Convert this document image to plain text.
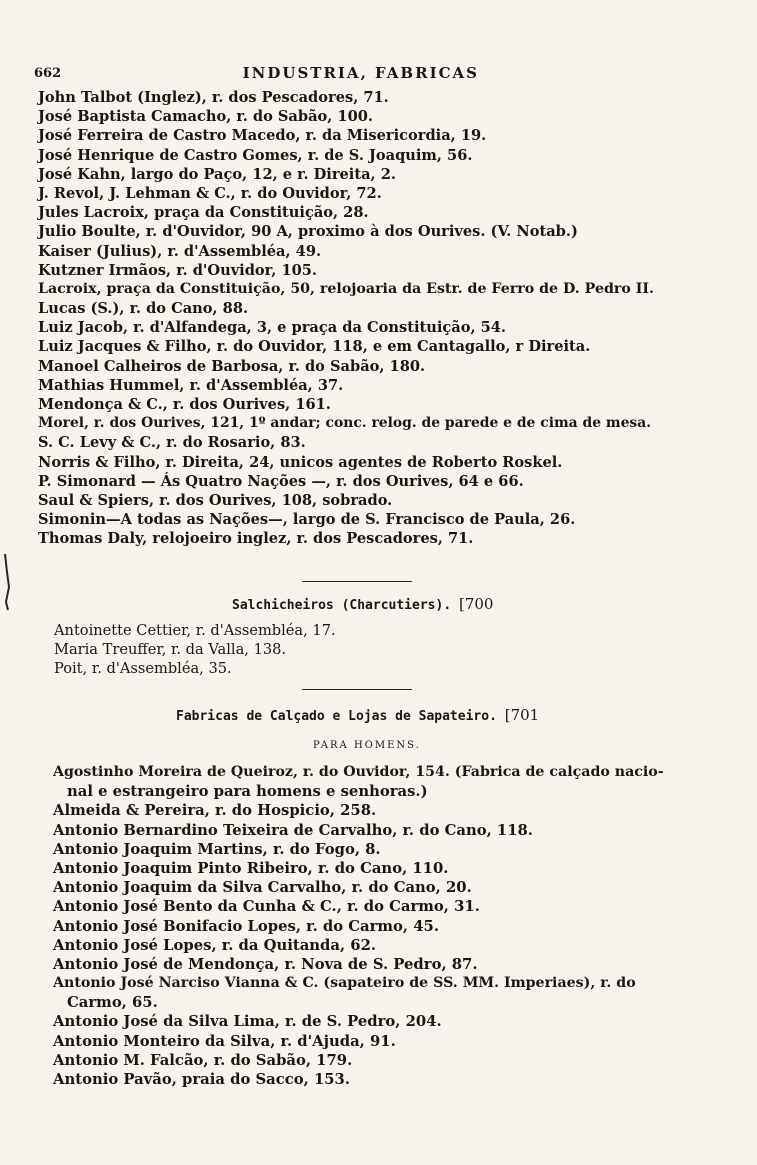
662	INDUSTRIA, FABRICAS
John Talbot (Inglez), r. dos Pescadores, 71.
José Baptista Camacho, r. do Sabão, 100.
José Ferreira de Castro Macedo, r. da Misericordia, 19.
José Henrique de Castro Gomes, r. de S. Joaquim, 56.
José Kahn, largo do Paço, 12, e r. Direita, 2.
J. Revol, J. Lehman & C., r. do Ouvidor, 72.
Jules Lacroix, praça da Constituição, 28.
Julio Boulte, r. d'Ouvidor, 90 A, proximo à dos Ourives. (V. Notab.)
Kaiser (Julius), r. d'Assembléa, 49.
Kutzner Irmãos, r. d'Ouvidor, 105.
Lacroix, praça da Constituição, 50, relojoaria da Estr. de Ferro de D. Pedro II.
Lucas (S.), r. do Cano, 88.
Luiz Jacob, r. d'Alfandega, 3, e praça da Constituição, 54.
Luiz Jacques & Filho, r. do Ouvidor, 118, e em Cantagallo, r Direita.
Manoel Calheiros de Barbosa, r. do Sabão, 180.
Mathias Hummel, r. d'Assembléa, 37.
Mendonça & C., r. dos Ourives, 161.
Morel, r. dos Ourives, 121, 1º andar; conc. relog. de parede e de cima de mesa.
S. C. Levy & C., r. do Rosario, 83.
Norris & Filho, r. Direita, 24, unicos agentes de Roberto Roskel.
P. Simonard — Ás Quatro Nações —, r. dos Ourives, 64 e 66.
Saul & Spiers, r. dos Ourives, 108, sobrado.
Simonin—A todas as Nações—, largo de S. Francisco de Paula, 26.
Thomas Daly, relojoeiro inglez, r. dos Pescadores, 71.
Salchicheiros (Charcutiers). [700
Antoinette Cettier, r. d'Assembléa, 17.
Maria Treuffer, r. da Valla, 138.
Poit, r. d'Assembléa, 35.
Fabricas de Calçado e Lojas de Sapateiro. [701
PARA HOMENS.
Agostinho Moreira de Queiroz, r. do Ouvidor, 154. (Fabrica de calçado nacio-
nal e estrangeiro para homens e senhoras.)
Almeida & Pereira, r. do Hospicio, 258.
Antonio Bernardino Teixeira de Carvalho, r. do Cano, 118.
Antonio Joaquim Martins, r. do Fogo, 8.
Antonio Joaquim Pinto Ribeiro, r. do Cano, 110.
Antonio Joaquim da Silva Carvalho, r. do Cano, 20.
Antonio José Bento da Cunha & C., r. do Carmo, 31.
Antonio José Bonifacio Lopes, r. do Carmo, 45.
Antonio José Lopes, r. da Quitanda, 62.
Antonio José de Mendonça, r. Nova de S. Pedro, 87.
Antonio José Narciso Vianna & C. (sapateiro de SS. MM. Imperiaes), r. do
Carmo, 65.
Antonio José da Silva Lima, r. de S. Pedro, 204.
Antonio Monteiro da Silva, r. d'Ajuda, 91.
Antonio M. Falcão, r. do Sabão, 179.
Antonio Pavão, praia do Sacco, 153.
